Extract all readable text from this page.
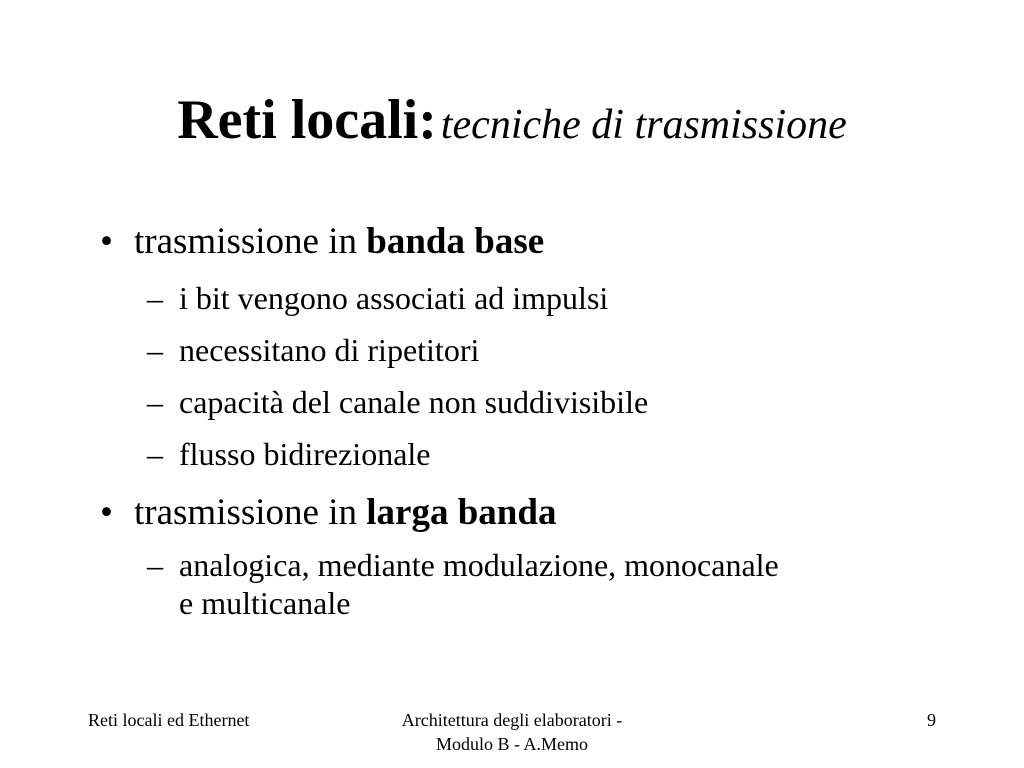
Reti locali: tecniche di trasmissione
• trasmissione in banda base
– i bit vengono associati ad impulsi
– necessitano di ripetitori
– capacità del canale non suddivisibile
– flusso bidirezionale
• trasmissione in larga banda
– analogica, mediante modulazione, monocanale
e multicanale
Reti locali ed Ethernet	Architettura degli elaboratori -
Modulo B - A.Memo
9
